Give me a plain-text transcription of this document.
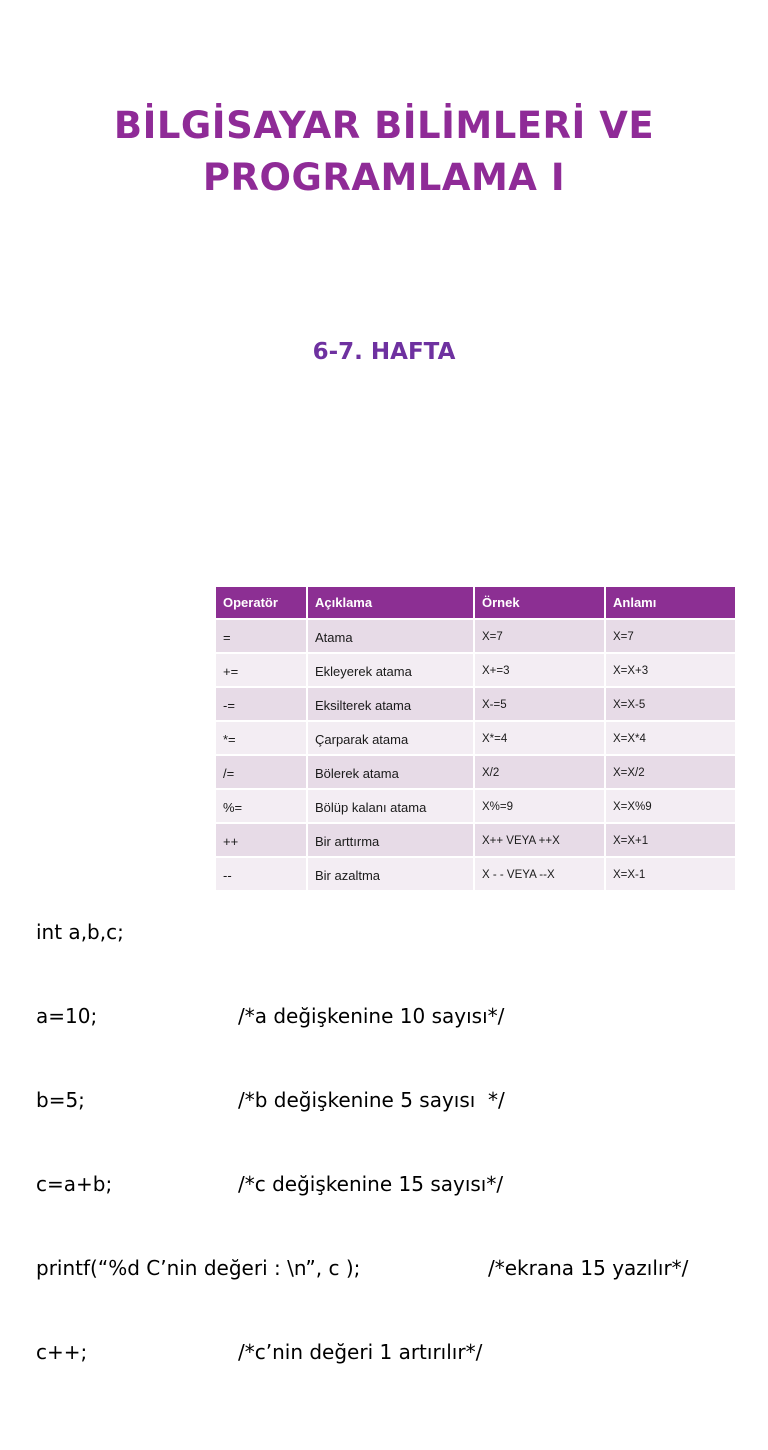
BİLGİSAYAR BİLİMLERİ VE
PROGRAMLAMA I
6-7. HAFTA
Operatör	Açıklama	Örnek	Anlamı
=	Atama	X=7	X=7
+=	Ekleyerek atama	X+=3	X=X+3
-=	Eksilterek atama	X-=5	X=X-5
*=	Çarparak atama	X*=4	X=X*4
/=	Bölerek atama	X/2	X=X/2
%=	Bölüp kalanı atama	X%=9	X=X%9
++	Bir arttırma	X++ VEYA ++X	X=X+1
--	Bir azaltma	X - - VEYA --X	X=X-1

int a,b,c;

a=10;

	/*a değişkenine 10 sayısı*/

b=5;

	/*b değişkenine 5 sayısı  */

c=a+b;

	/*c değişkenine 15 sayısı*/

printf(“%d C’nin değeri : \n”, c );

	/*ekrana 15 yazılır*/

c++;

	/*c’nin değeri 1 artırılır*/
